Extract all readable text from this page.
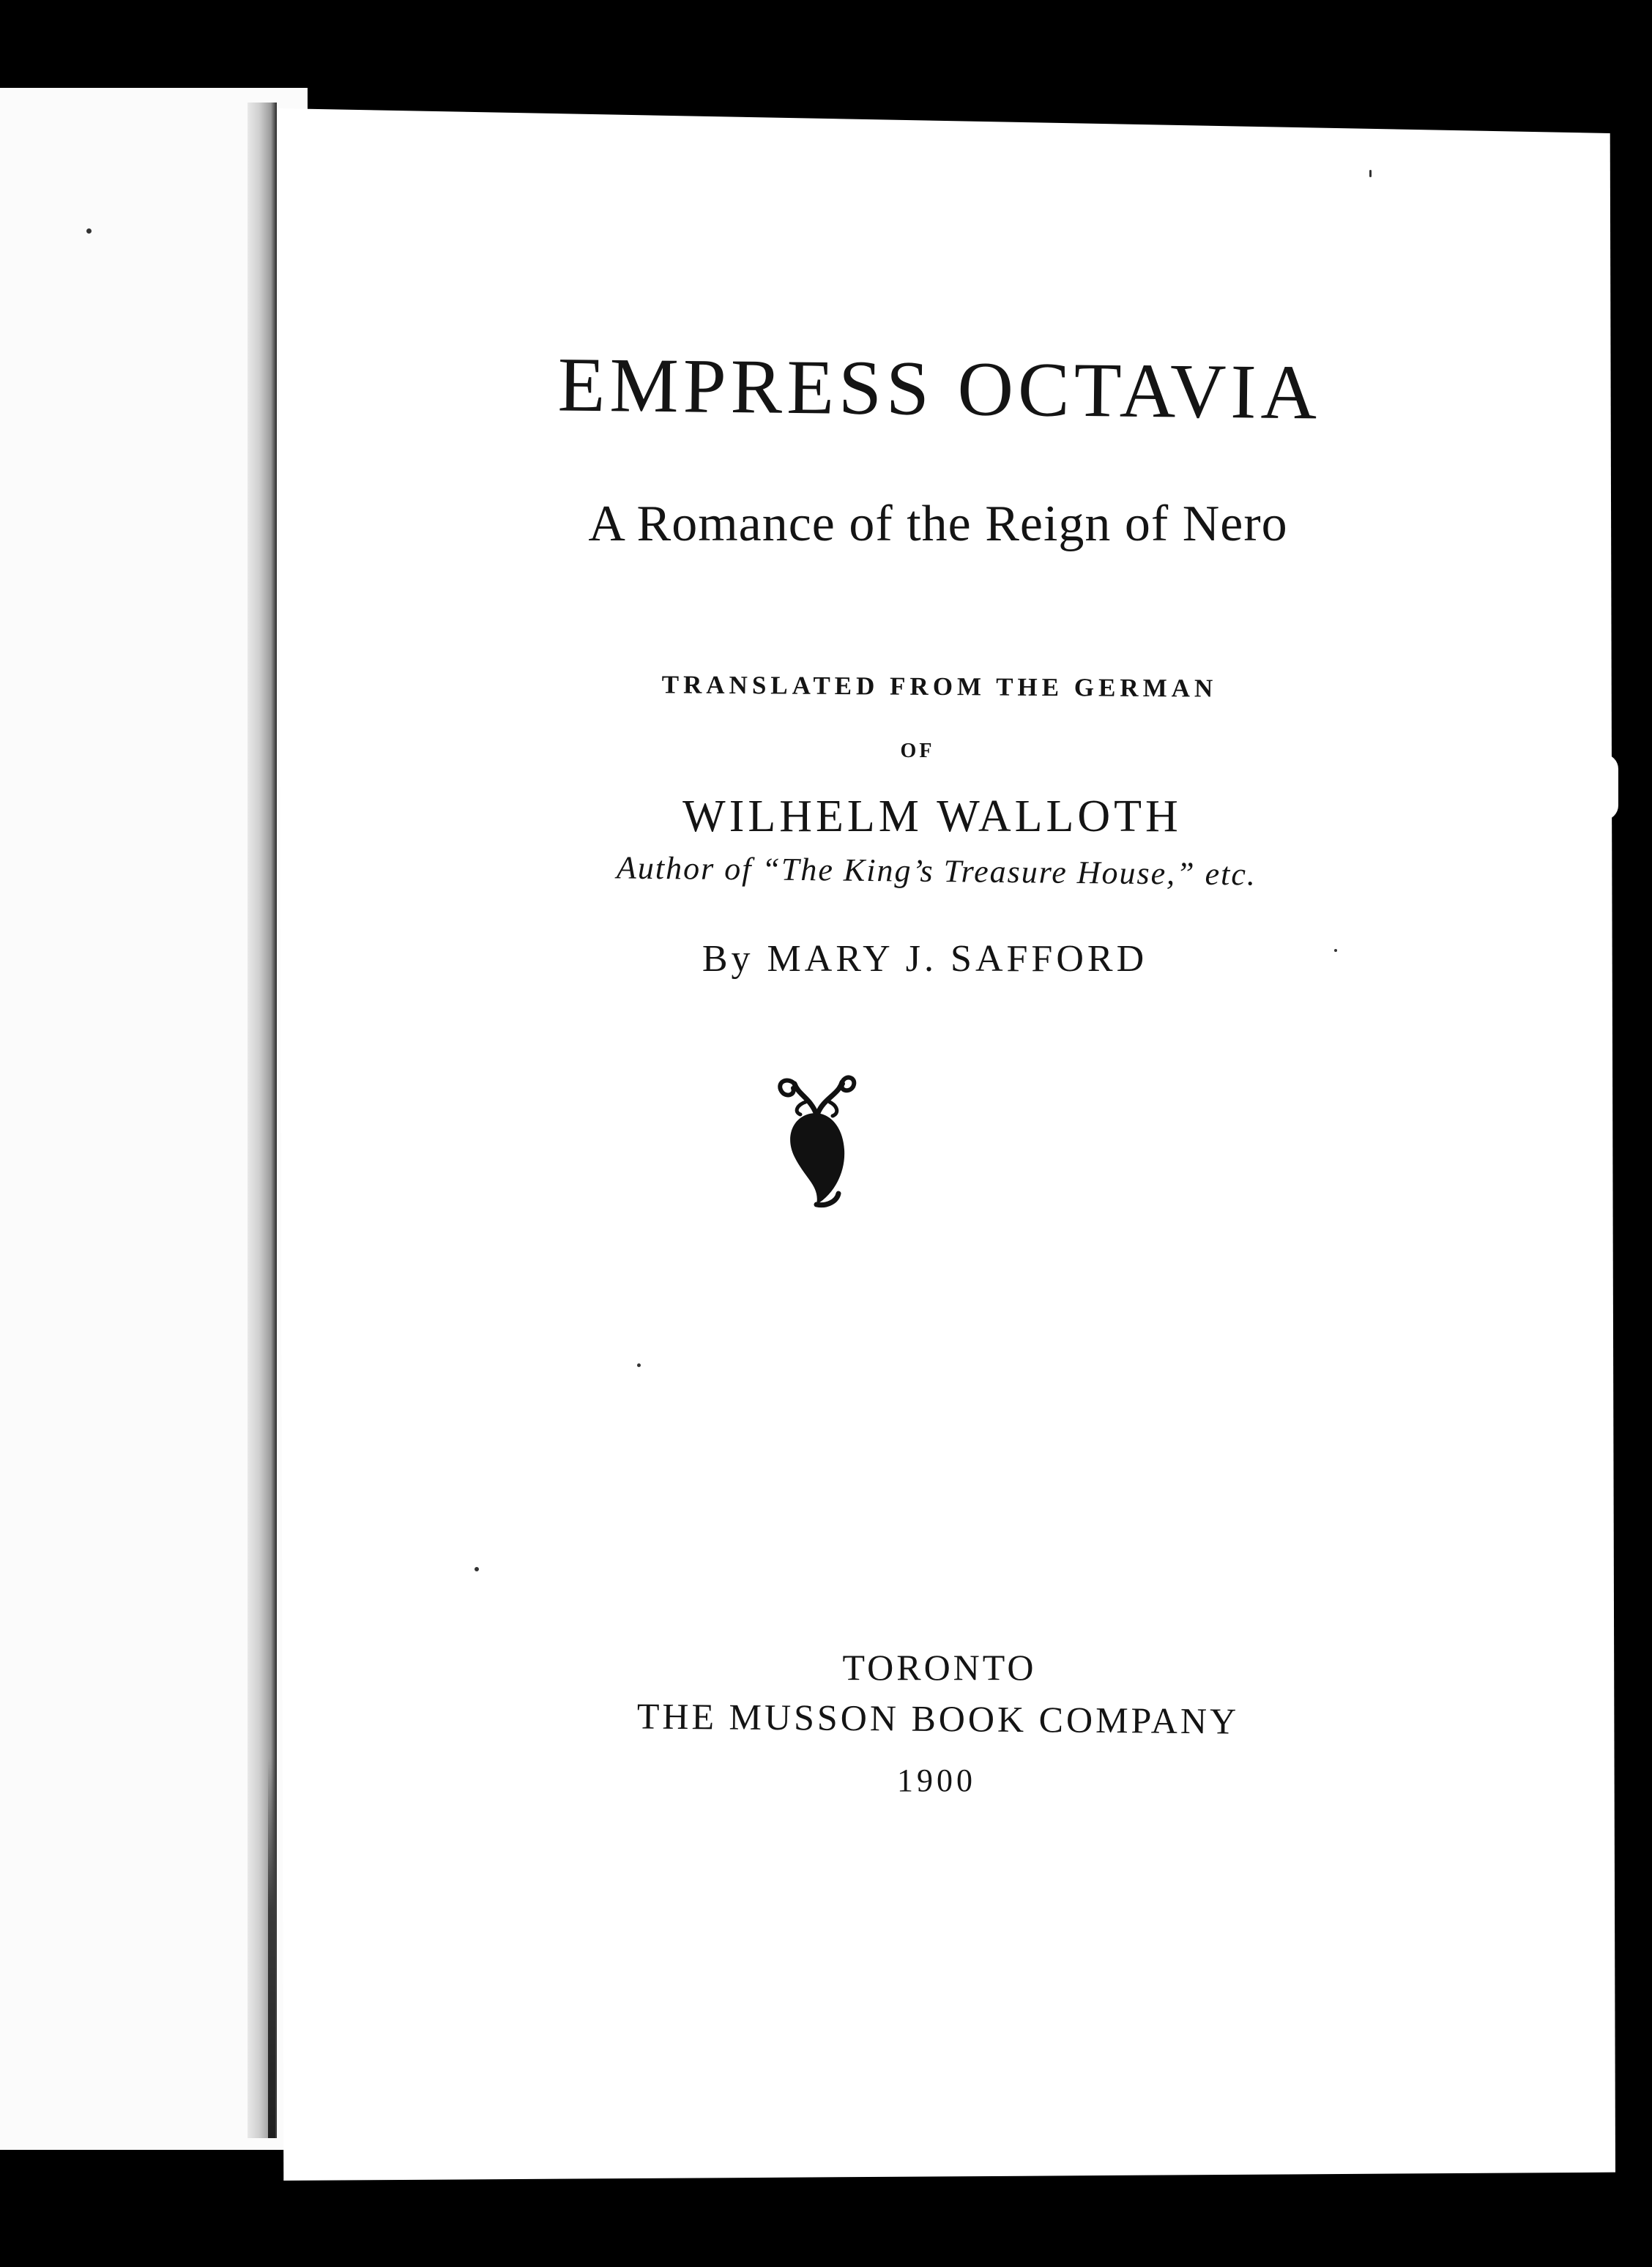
EMPRESS OCTAVIA
A Romance of the Reign of Nero
TRANSLATED FROM THE GERMAN
OF
WILHELM WALLOTH
Author of “The King’s Treasure House,” etc.
By MARY J. SAFFORD
TORONTO
THE MUSSON BOOK COMPANY
1900
